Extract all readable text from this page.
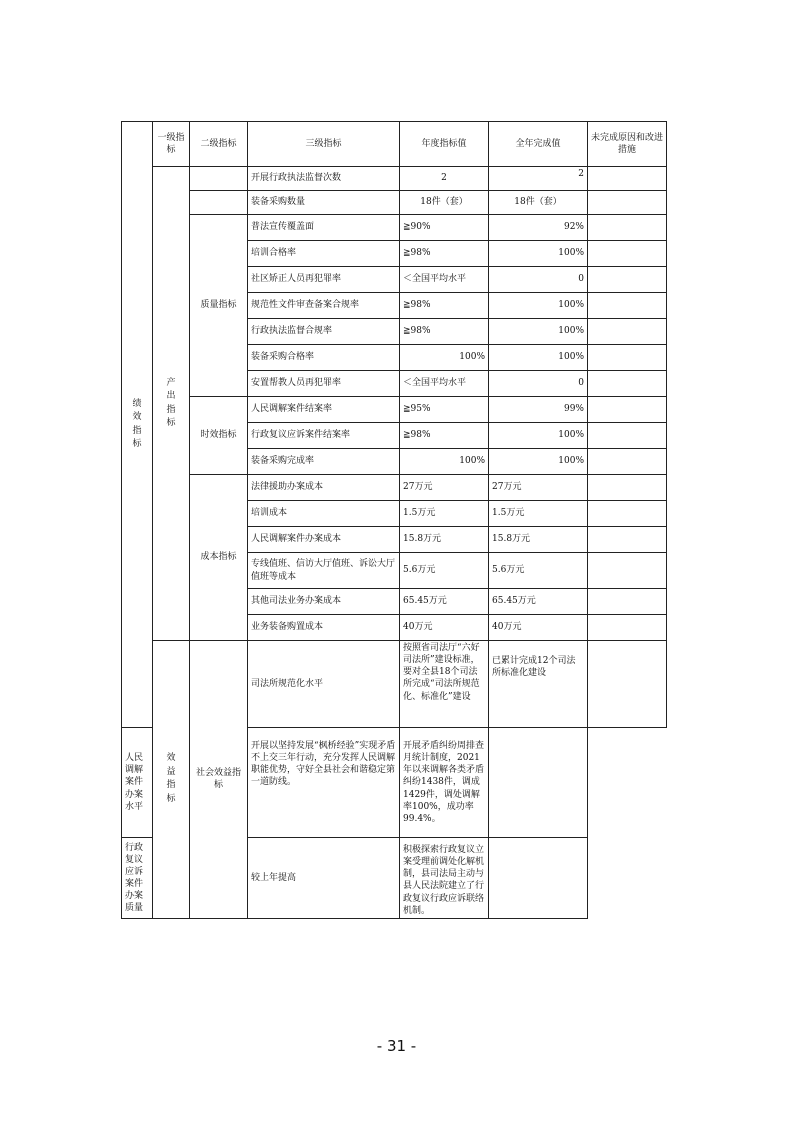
绩效指标	一级指标	二级指标	三级指标	年度指标值	全年完成值	未完成原因和改进措施

	产出指标		开展行政执法监督次数	2	2	
			装备采购数量	18件（套）	18件（套）	
		质量指标	普法宣传覆盖面	≧90%	92%	
			培训合格率	≧98%	100%	
			社区矫正人员再犯罪率	＜全国平均水平	0	
			规范性文件审查备案合规率	≧98%	100%	
			行政执法监督合规率	≧98%	100%	
			装备采购合格率	100%	100%	
			安置帮教人员再犯罪率	＜全国平均水平	0	
		时效指标	人民调解案件结案率	≧95%	99%	
			行政复议应诉案件结案率	≧98%	100%	
			装备采购完成率	100%	100%	
		成本指标	法律援助办案成本	27万元	27万元	
			培训成本	1.5万元	1.5万元	
			人民调解案件办案成本	15.8万元	15.8万元	
			专线值班、信访大厅值班、诉讼大厅值班等成本	5.6万元	5.6万元	
			其他司法业务办案成本	65.45万元	65.45万元	
			业务装备购置成本	40万元	40万元	

	效益指标	社会效益指标	司法所规范化水平	按照省司法厅“六好司法所”建设标准，要对全县18个司法所完成“司法所规范化、标准化”建设	已累计完成12个司法所标准化建设	
人民调解案件办案水平			开展以坚持发展“枫桥经验”实现矛盾不上交三年行动，充分发挥人民调解职能优势，守好全县社会和谐稳定第一道防线。	开展矛盾纠纷周排查月统计制度，2021年以来调解各类矛盾纠纷1438件，调成1429件，调处调解率100%，成功率99.4%。		
行政复议应诉案件办案质量			较上年提高	积极探索行政复议立案受理前调处化解机制，县司法局主动与县人民法院建立了行政复议行政应诉联络机制。		
- 31 -
